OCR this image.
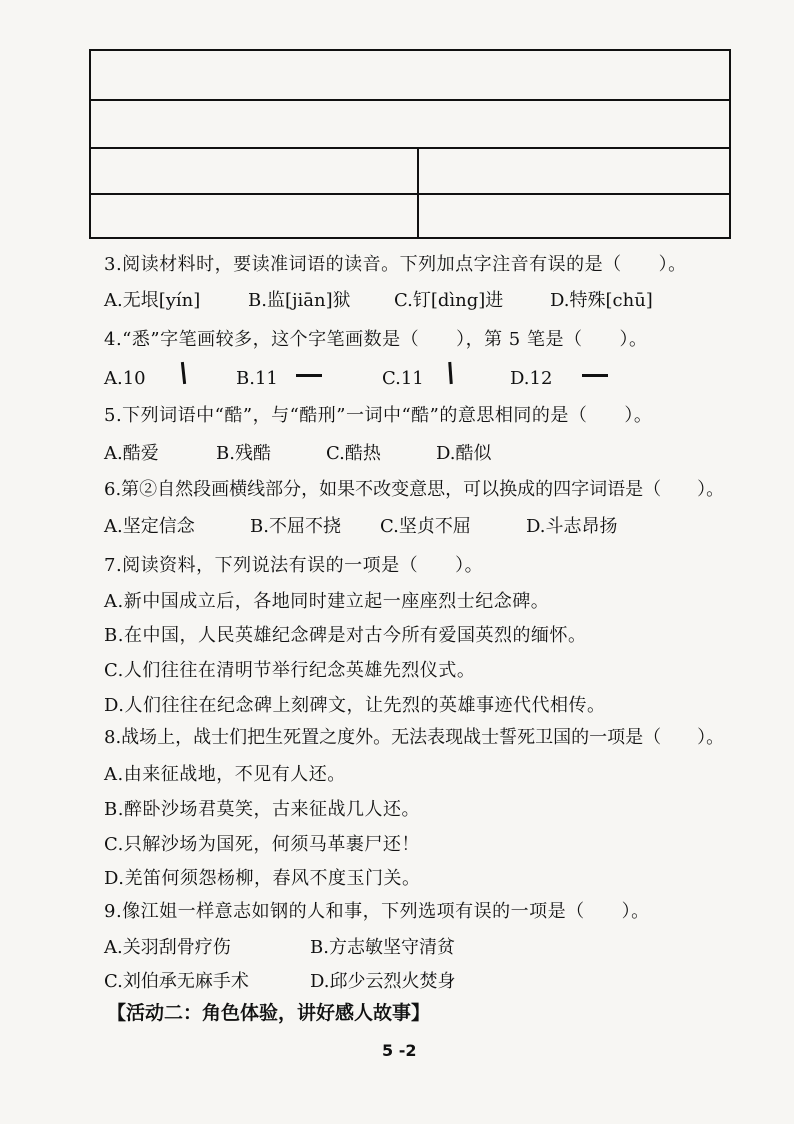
3.阅读材料时，要读准词语的读音。下列加点字注音有误的是（　　）。
A.无垠[yín]	B.监[jiān]狱 C.钉[dìng]进	D.特殊[chū]
4.“悉”字笔画较多，这个字笔画数是（　　），第 5 笔是（　　）。
A.10	B.11	C.11	D.12
5.下列词语中“酷”，与“酷刑”一词中“酷”的意思相同的是（　　）。
A.酷爱	B.残酷	C.酷热	D.酷似
6.第②自然段画横线部分，如果不改变意思，可以换成的四字词语是（　　）。
A.坚定信念	B.不屈不挠 C.坚贞不屈	D.斗志昂扬
7.阅读资料，下列说法有误的一项是（　　）。
A.新中国成立后，各地同时建立起一座座烈士纪念碑。
B.在中国，人民英雄纪念碑是对古今所有爱国英烈的缅怀。
C.人们往往在清明节举行纪念英雄先烈仪式。
D.人们往往在纪念碑上刻碑文，让先烈的英雄事迹代代相传。
8.战场上，战士们把生死置之度外。无法表现战士誓死卫国的一项是（　　）。
A.由来征战地，不见有人还。
B.醉卧沙场君莫笑，古来征战几人还。
C.只解沙场为国死，何须马革裹尸还！
D.羌笛何须怨杨柳，春风不度玉门关。
9.像江姐一样意志如钢的人和事，下列选项有误的一项是（　　）。
A.关羽刮骨疗伤	B.方志敏坚守清贫
C.刘伯承无麻手术	D.邱少云烈火焚身
【活动二：角色体验，讲好感人故事】
5 -2
